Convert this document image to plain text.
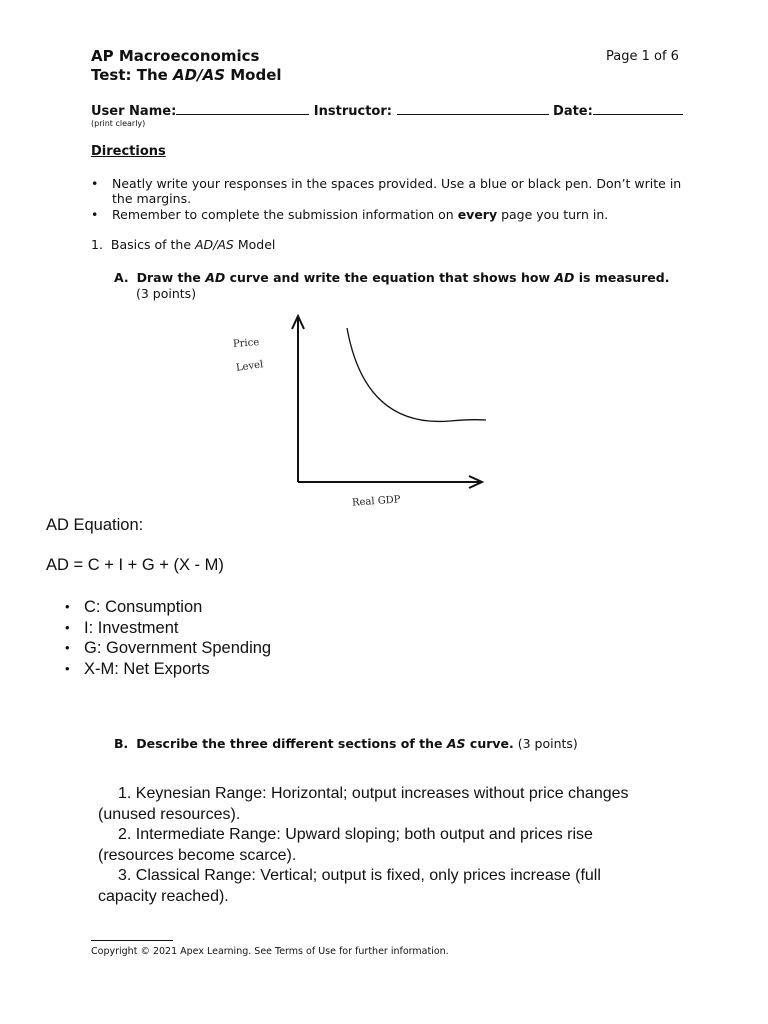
AP Macroeconomics
Test: The AD/AS Model
Page 1 of 6
User Name:	Instructor:	Date:
(print clearly)
Directions
• Neatly write your responses in the spaces provided. Use a blue or black pen. Don’t write in the margins.
• Remember to complete the submission information on every page you turn in.
1. Basics of the AD/AS Model
A. Draw the AD curve and write the equation that shows how AD is measured.
(3 points)
Price
Level
Real GDP
AD Equation:
AD = C + I + G + (X - M)
• C: Consumption
• I: Investment
• G: Government Spending
• X-M: Net Exports
B. Describe the three different sections of the AS curve. (3 points)
1. Keynesian Range: Horizontal; output increases without price changes (unused resources).
2. Intermediate Range: Upward sloping; both output and prices rise (resources become scarce).
3. Classical Range: Vertical; output is fixed, only prices increase (full capacity reached).
Copyright © 2021 Apex Learning. See Terms of Use for further information.
